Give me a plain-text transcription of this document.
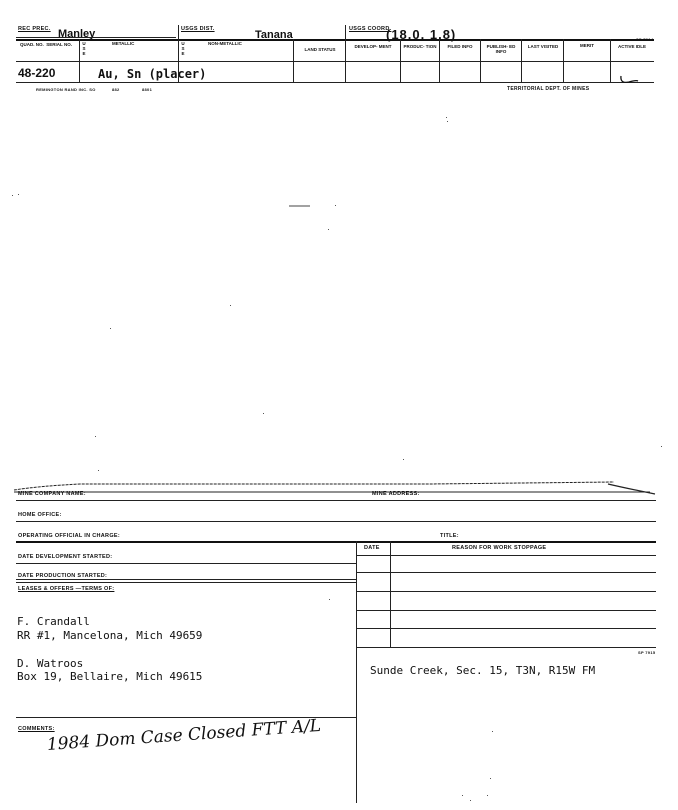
REC PREC. Manley	USGS DIST.	Tanana	USGS COORD.
(18.0, 1.8)	SP 7914
QUAD. NO. SERIAL NO.	U S E
METALLIC	U S E
NON-METALLIC
LAND STATUS
DEVELOP- MENT	PRODUC- TION	FILED INFO	PUBLISH- ED INFO
LAST VISITED	MERIT	ACTIVE IDLE
48-220	Au, Sn (placer)
REMINGTON RAND INC. SO	882	8801	TERRITORIAL DEPT. OF MINES
MINE COMPANY NAME:	MINE ADDRESS:
HOME OFFICE:
OPERATING OFFICIAL IN CHARGE:	TITLE:
DATE	REASON FOR WORK STOPPAGE
SP 7915
DATE DEVELOPMENT STARTED:
DATE PRODUCTION STARTED:
LEASES & OFFERS —TERMS OF:
F. Crandall
RR #1, Mancelona, Mich 49659
D. Watroos
Box 19, Bellaire, Mich 49615	Sunde Creek, Sec. 15, T3N, R15W FM
COMMENTS:
1984 Dom Case Closed FTT A/L
